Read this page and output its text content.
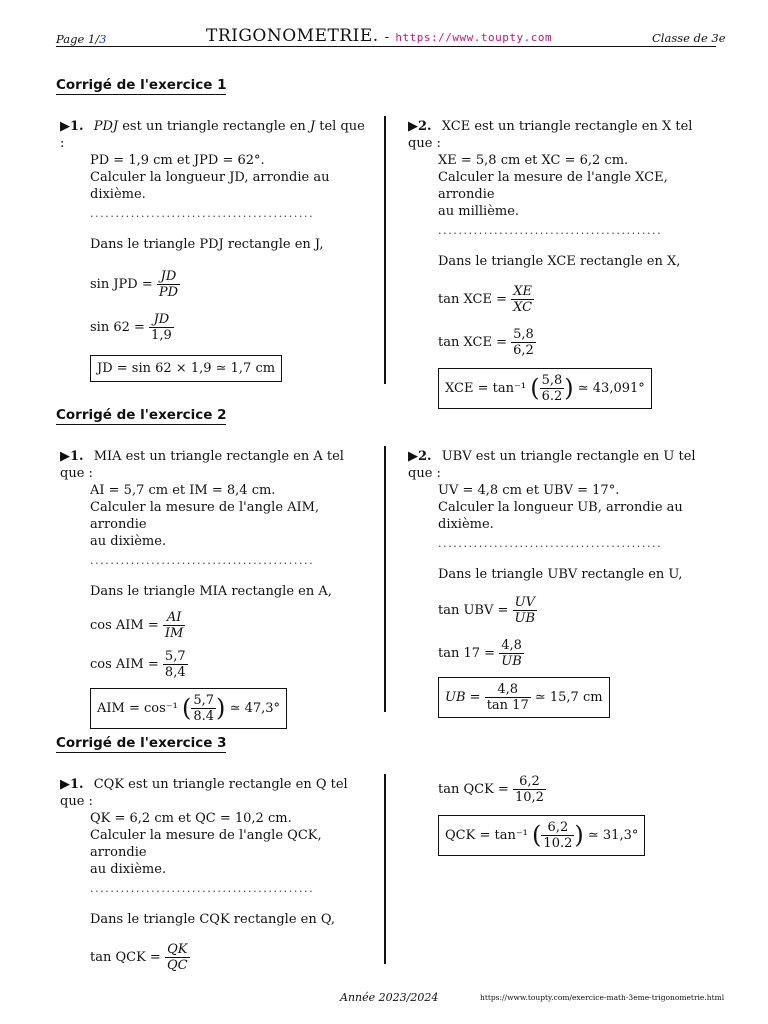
Page 1/3	TRIGONOMETRIE. - https://www.toupty.com	Classe de 3e
Corrigé de l'exercice 1
▶1. PDJ est un triangle rectangle en J tel que :
PD = 1,9 cm et JPD = 62°.
Calculer la longueur JD, arrondie au
dixième.
............................................
Dans le triangle PDJ rectangle en J,
sin JPD = $\frac{JD}{PD}$
$\sin 62 = \frac{JD}{1,9}$
JD = sin 62 × 1,9 ≃ 1,7 cm
▶2. XCE est un triangle rectangle en X tel que :
XE = 5,8 cm et XC = 6,2 cm.
Calculer la mesure de l'angle XCE, arrondie
au millième.
............................................
Dans le triangle XCE rectangle en X,
tan XCE = $\frac{XE}{XC}$
tan XCE = $\frac{5,8}{6,2}$
XCE = tan⁻¹ ( $\frac{5,8}{6.2}$ ) ≃ 43,091°
Corrigé de l'exercice 2
▶1. MIA est un triangle rectangle en A tel que :
AI = 5,7 cm et IM = 8,4 cm.
Calculer la mesure de l'angle AIM, arrondie
au dixième.
............................................
Dans le triangle MIA rectangle en A,
cos AIM = $\frac{AI}{IM}$
cos AIM = $\frac{5,7}{8,4}$
AIM = cos⁻¹ ( $\frac{5,7}{8.4}$ ) ≃ 47,3°
▶2. UBV est un triangle rectangle en U tel que :
UV = 4,8 cm et UBV = 17°.
Calculer la longueur UB, arrondie au
dixième.
............................................
Dans le triangle UBV rectangle en U,
tan UBV = $\frac{UV}{UB}$
$\tan 17 = \frac{4,8}{UB}$
UB = $\frac{4,8}{\tan 17}$ ≃ 15,7 cm
Corrigé de l'exercice 3
▶1. CQK est un triangle rectangle en Q tel que :
QK = 6,2 cm et QC = 10,2 cm.
Calculer la mesure de l'angle QCK, arrondie
au dixième.
............................................
Dans le triangle CQK rectangle en Q,
tan QCK = $\frac{QK}{QC}$
tan QCK = $\frac{6,2}{10,2}$
QCK = tan⁻¹ ( $\frac{6,2}{10.2}$ ) ≃ 31,3°
Année 2023/2024	https://www.toupty.com/exercice-math-3eme-trigonometrie.html
